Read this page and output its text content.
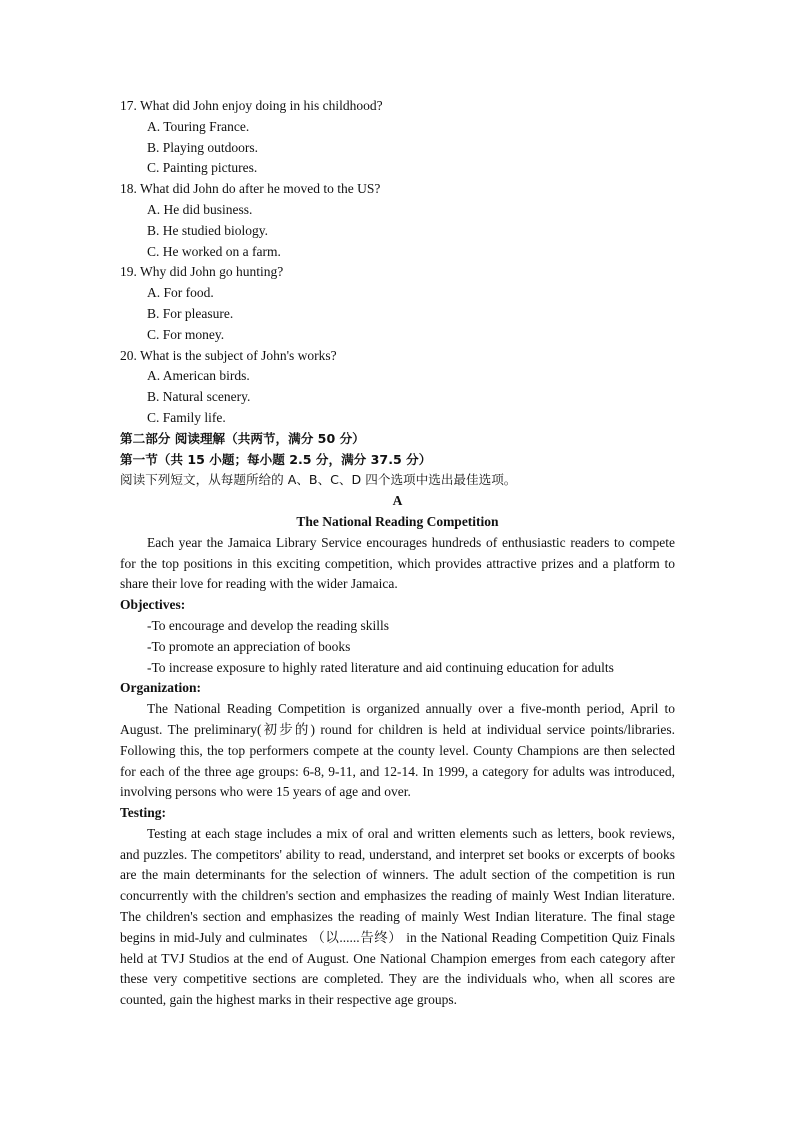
17. What did John enjoy doing in his childhood?

A. Touring France.

B. Playing outdoors.

C. Painting pictures.

18. What did John do after he moved to the US?

A. He did business.

B. He studied biology.

C. He worked on a farm.

19. Why did John go hunting?

A. For food.

B. For pleasure.

C. For money.

20. What is the subject of John's works?

A. American birds.

B. Natural scenery.

C. Family life.

第二部分 阅读理解（共两节，满分 50 分）

第一节（共 15 小题；每小题 2.5 分，满分 37.5 分）

阅读下列短文，从每题所给的 A、B、C、D 四个选项中选出最佳选项。

A

The National Reading Competition

Each year the Jamaica Library Service encourages hundreds of enthusiastic readers to compete for the top positions in this exciting competition, which provides attractive prizes and a platform to share their love for reading with the wider Jamaica.

Objectives:

-To encourage and develop the reading skills

-To promote an appreciation of books

-To increase exposure to highly rated literature and aid continuing education for adults

Organization:

The National Reading Competition is organized annually over a five-month period, April to August. The preliminary(初步的) round for children is held at individual service points/libraries. Following this, the top performers compete at the county level. County Champions are then selected for each of the three age groups: 6-8, 9-11, and 12-14. In 1999, a category for adults was introduced, involving persons who were 15 years of age and over.

Testing:

Testing at each stage includes a mix of oral and written elements such as letters, book reviews, and puzzles. The competitors' ability to read, understand, and interpret set books or excerpts of books are the main determinants for the selection of winners. The adult section of the competition is run concurrently with the children's section and emphasizes the reading of mainly West Indian literature. The children's section and emphasizes the reading of mainly West Indian literature. The final stage begins in mid-July and culminates （以......告终） in the National Reading Competition Quiz Finals held at TVJ Studios at the end of August. One National Champion emerges from each category after these very competitive sections are completed. They are the individuals who, when all scores are counted, gain the highest marks in their respective age groups.
